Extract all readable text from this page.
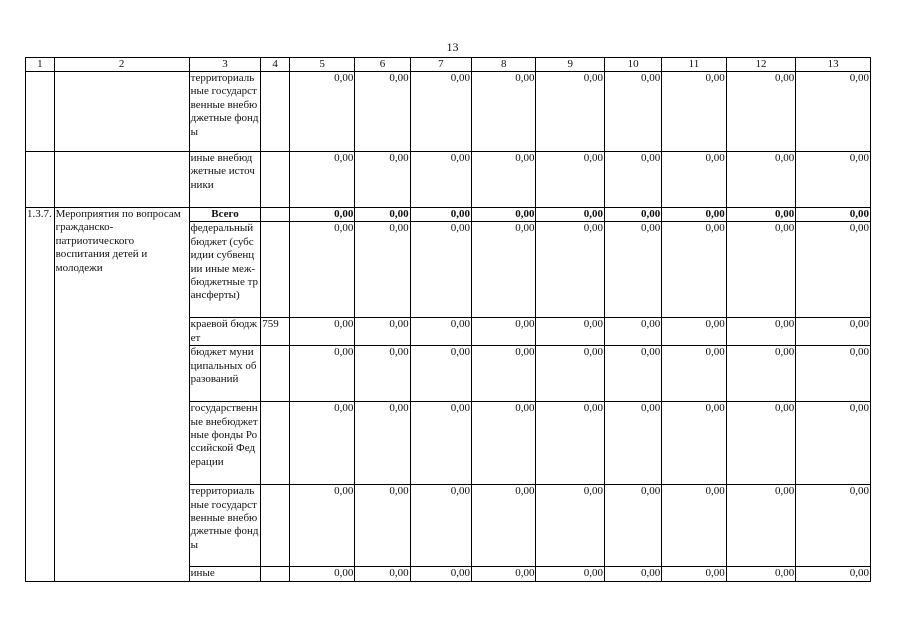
13
1	2	3	4	5	6	7	8	9	10	11	12	13
		территориальные государственные внебюджетные фонды		0,00	0,00	0,00	0,00	0,00	0,00	0,00	0,00	0,00
		иные внебюджетные источники		0,00	0,00	0,00	0,00	0,00	0,00	0,00	0,00	0,00
1.3.7.	Мероприятия по вопросам гражданско-патриотического воспитания детей и молодежи	Всего		0,00	0,00	0,00	0,00	0,00	0,00	0,00	0,00	0,00
		федеральный бюджет (субсидии субвенции иные меж-бюджетные трансферты)		0,00	0,00	0,00	0,00	0,00	0,00	0,00	0,00	0,00
		краевой бюджет	759	0,00	0,00	0,00	0,00	0,00	0,00	0,00	0,00	0,00
		бюджет муниципальных образований		0,00	0,00	0,00	0,00	0,00	0,00	0,00	0,00	0,00
		государственные внебюджетные фонды Российской Федерации		0,00	0,00	0,00	0,00	0,00	0,00	0,00	0,00	0,00
		территориальные государственные внебюджетные фонды		0,00	0,00	0,00	0,00	0,00	0,00	0,00	0,00	0,00
		иные		0,00	0,00	0,00	0,00	0,00	0,00	0,00	0,00	0,00
